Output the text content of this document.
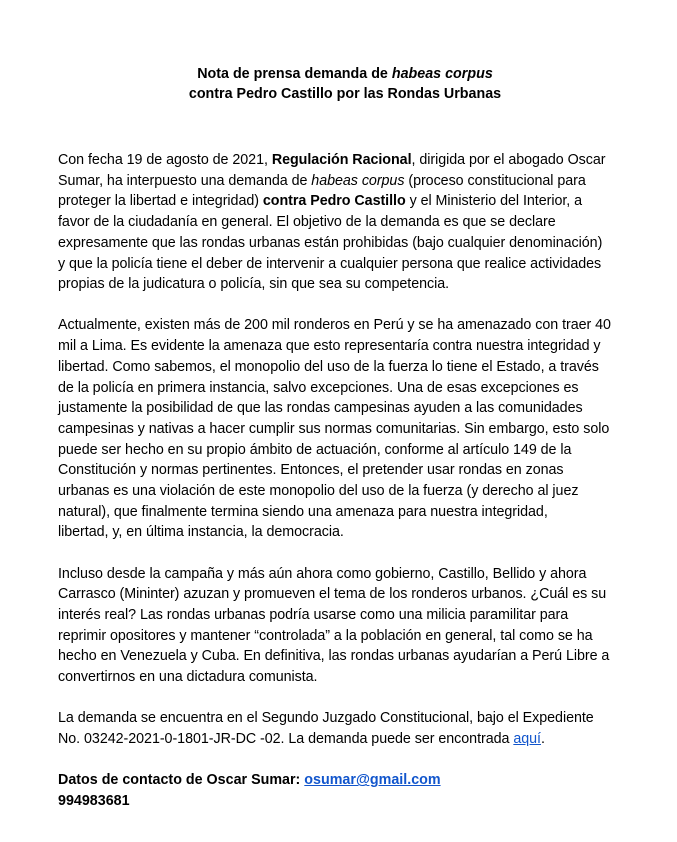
Nota de prensa demanda de habeas corpus
contra Pedro Castillo por las Rondas Urbanas
Con fecha 19 de agosto de 2021, Regulación Racional, dirigida por el abogado Oscar
Sumar, ha interpuesto una demanda de habeas corpus (proceso constitucional para
proteger la libertad e integridad) contra Pedro Castillo y el Ministerio del Interior, a
favor de la ciudadanía en general. El objetivo de la demanda es que se declare
expresamente que las rondas urbanas están prohibidas (bajo cualquier denominación)
y que la policía tiene el deber de intervenir a cualquier persona que realice actividades
propias de la judicatura o policía, sin que sea su competencia.
Actualmente, existen más de 200 mil ronderos en Perú y se ha amenazado con traer 40
mil a Lima. Es evidente la amenaza que esto representaría contra nuestra integridad y
libertad. Como sabemos, el monopolio del uso de la fuerza lo tiene el Estado, a través
de la policía en primera instancia, salvo excepciones. Una de esas excepciones es
justamente la posibilidad de que las rondas campesinas ayuden a las comunidades
campesinas y nativas a hacer cumplir sus normas comunitarias. Sin embargo, esto solo
puede ser hecho en su propio ámbito de actuación, conforme al artículo 149 de la
Constitución y normas pertinentes. Entonces, el pretender usar rondas en zonas
urbanas es una violación de este monopolio del uso de la fuerza (y derecho al juez
natural), que finalmente termina siendo una amenaza para nuestra integridad,
libertad, y, en última instancia, la democracia.
Incluso desde la campaña y más aún ahora como gobierno, Castillo, Bellido y ahora
Carrasco (Mininter) azuzan y promueven el tema de los ronderos urbanos. ¿Cuál es su
interés real? Las rondas urbanas podría usarse como una milicia paramilitar para
reprimir opositores y mantener “controlada” a la población en general, tal como se ha
hecho en Venezuela y Cuba. En definitiva, las rondas urbanas ayudarían a Perú Libre a
convertirnos en una dictadura comunista.
La demanda se encuentra en el Segundo Juzgado Constitucional, bajo el Expediente
No. 03242-2021-0-1801-JR-DC -02. La demanda puede ser encontrada aquí.
Datos de contacto de Oscar Sumar: osumar@gmail.com
994983681
